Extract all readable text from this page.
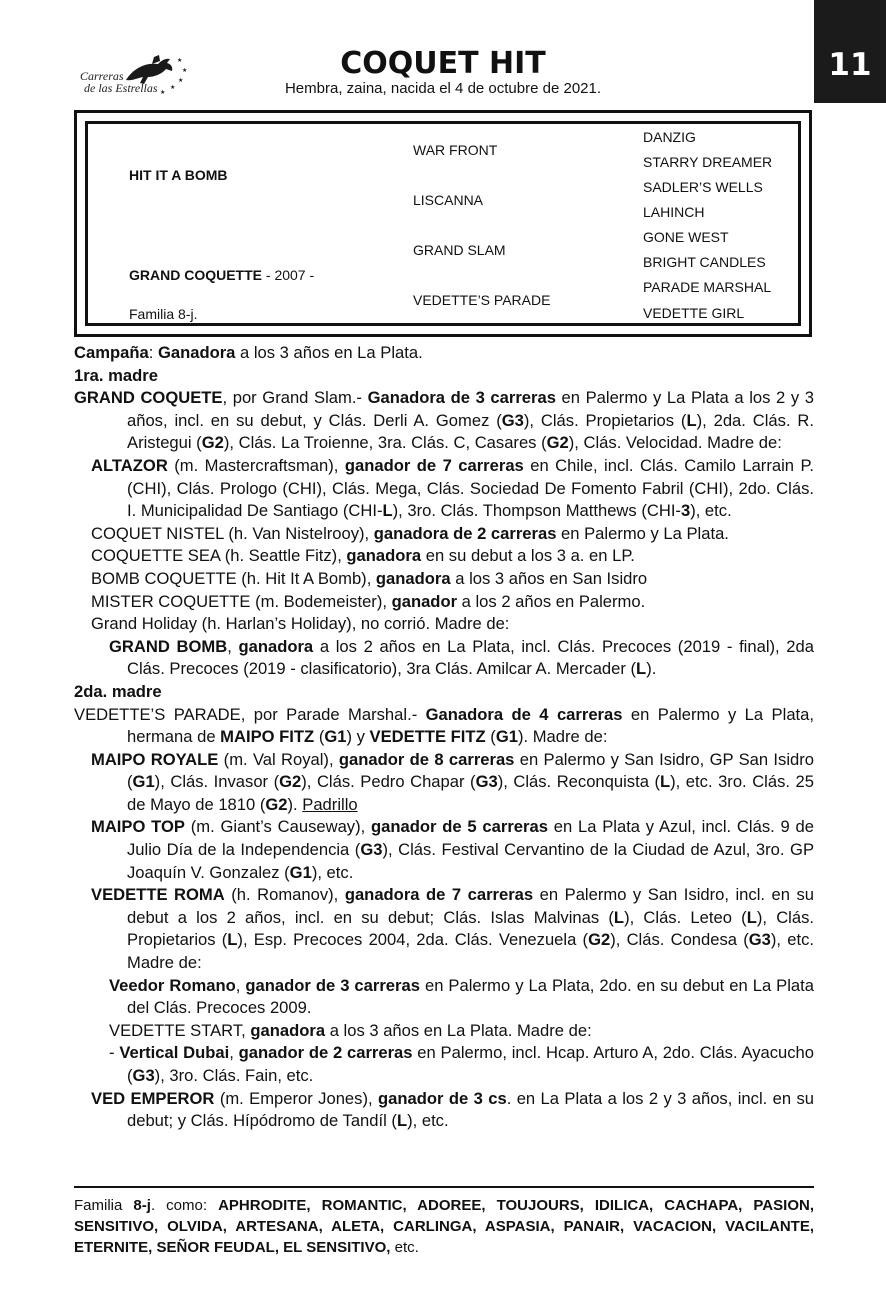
★
★
★
★
★
Carreras
de las Estrellas
COQUET HIT
Hembra, zaina, nacida el 4 de octubre de 2021.
11
HIT IT A BOMB
GRAND COQUETTE - 2007 -
Familia 8-j.
WAR FRONT
LISCANNA
GRAND SLAM
VEDETTE’S PARADE
DANZIG
STARRY DREAMER
SADLER’S WELLS
LAHINCH
GONE WEST
BRIGHT CANDLES
PARADE MARSHAL
VEDETTE GIRL

Campaña: Ganadora a los 3 años en La Plata.

1ra. madre

GRAND COQUETE, por Grand Slam.- Ganadora de 3 carreras en Palermo y La Plata a los 2 y 3 años, incl. en su debut, y Clás. Derli A. Gomez (G3), Clás. Propietarios (L), 2da. Clás. R. Aristegui (G2), Clás. La Troienne, 3ra. Clás. C, Casares (G2), Clás. Velocidad. Madre de:

ALTAZOR (m. Mastercraftsman), ganador de 7 carreras en Chile, incl. Clás. Camilo Larrain P. (CHI), Clás. Prologo (CHI), Clás. Mega, Clás. Sociedad De Fomento Fabril (CHI), 2do. Clás. I. Municipalidad De Santiago (CHI-L), 3ro. Clás. Thompson Matthews (CHI-3), etc.

COQUET NISTEL (h. Van Nistelrooy), ganadora de 2 carreras en Palermo y La Plata.

COQUETTE SEA (h. Seattle Fitz), ganadora en su debut a los 3 a. en LP.

BOMB COQUETTE (h. Hit It A Bomb), ganadora a los 3 años en San Isidro

MISTER COQUETTE (m. Bodemeister), ganador a los 2 años en Palermo.

Grand Holiday (h. Harlan’s Holiday), no corrió. Madre de:

GRAND BOMB, ganadora a los 2 años en La Plata, incl. Clás. Precoces (2019 - final), 2da Clás. Precoces (2019 - clasificatorio), 3ra Clás. Amilcar A. Mercader (L).

2da. madre

VEDETTE’S PARADE, por Parade Marshal.- Ganadora de 4 carreras en Palermo y La Plata, hermana de MAIPO FITZ (G1) y VEDETTE FITZ (G1). Madre de:

MAIPO ROYALE (m. Val Royal), ganador de 8 carreras en Palermo y San Isidro, GP San Isidro (G1), Clás. Invasor (G2), Clás. Pedro Chapar (G3), Clás. Reconquista (L), etc. 3ro. Clás. 25 de Mayo de 1810 (G2). Padrillo

MAIPO TOP (m. Giant’s Causeway), ganador de 5 carreras en La Plata y Azul, incl. Clás. 9 de Julio Día de la Independencia (G3), Clás. Festival Cervantino de la Ciudad de Azul, 3ro. GP Joaquín V. Gonzalez (G1), etc.

VEDETTE ROMA (h. Romanov), ganadora de 7 carreras en Palermo y San Isidro, incl. en su debut a los 2 años, incl. en su debut; Clás. Islas Malvinas (L), Clás. Leteo (L), Clás. Propietarios (L), Esp. Precoces 2004, 2da. Clás. Venezuela (G2), Clás. Condesa (G3), etc. Madre de:

Veedor Romano, ganador de 3 carreras en Palermo y La Plata, 2do. en su debut en La Plata del Clás. Precoces 2009.

VEDETTE START, ganadora a los 3 años en La Plata. Madre de:

- Vertical Dubai, ganador de 2 carreras en Palermo, incl. Hcap. Arturo A, 2do. Clás. Ayacucho (G3), 3ro. Clás. Fain, etc.

VED EMPEROR (m. Emperor Jones), ganador de 3 cs. en La Plata a los 2 y 3 años, incl. en su debut; y Clás. Hípódromo de Tandíl (L), etc.

Familia 8-j. como: APHRODITE, ROMANTIC, ADOREE, TOUJOURS, IDILICA, CACHAPA, PASION, SENSITIVO, OLVIDA, ARTESANA, ALETA, CARLINGA, ASPASIA, PANAIR, VACACION, VACILANTE, ETERNITE, SEÑOR FEUDAL, EL SENSITIVO, etc.
